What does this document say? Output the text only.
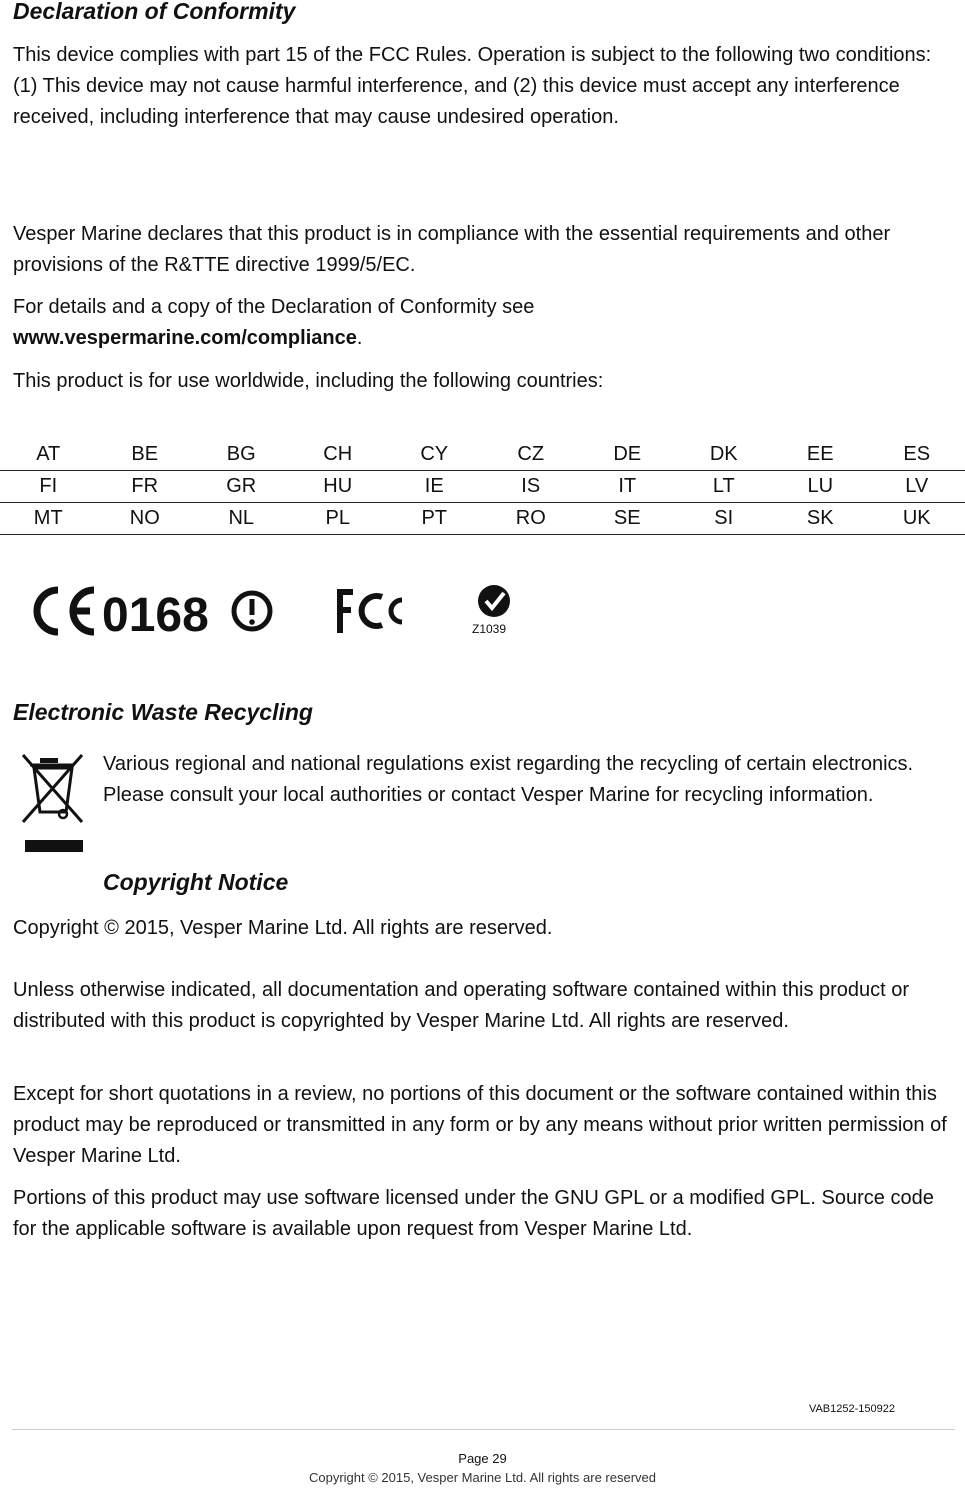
Declaration of Conformity

This device complies with part 15 of the FCC Rules. Operation is subject to the following two conditions: (1) This device may not cause harmful interference, and (2) this device must accept any interference received, including interference that may cause undesired operation.

Vesper Marine declares that this product is in compliance with the essential requirements and other provisions of the R&TTE directive 1999/5/EC.

For details and a copy of the Declaration of Conformity see
www.vespermarine.com/compliance.

This product is for use worldwide, including the following countries:

AT	BE	BG	CH	CY	CZ	DE	DK	EE	ES
FI	FR	GR	HU	IE	IS	IT	LT	LU	LV
MT	NO	NL	PL	PT	RO	SE	SI	SK	UK
0168	Z1039
Electronic Waste Recycling

Various regional and national regulations exist regarding the recycling of certain electronics. Please consult your local authorities or contact Vesper Marine for recycling information.

Copyright Notice

Copyright © 2015, Vesper Marine Ltd. All rights are reserved.

Unless otherwise indicated, all documentation and operating software contained within this product or distributed with this product is copyrighted by Vesper Marine Ltd. All rights are reserved.

Except for short quotations in a review, no portions of this document or the software contained within this product may be reproduced or transmitted in any form or by any means without prior written permission of Vesper Marine Ltd.

Portions of this product may use software licensed under the GNU GPL or a modified GPL. Source code for the applicable software is available upon request from Vesper Marine Ltd.

VAB1252-150922
Page 29
Copyright © 2015, Vesper Marine Ltd. All rights are reserved
